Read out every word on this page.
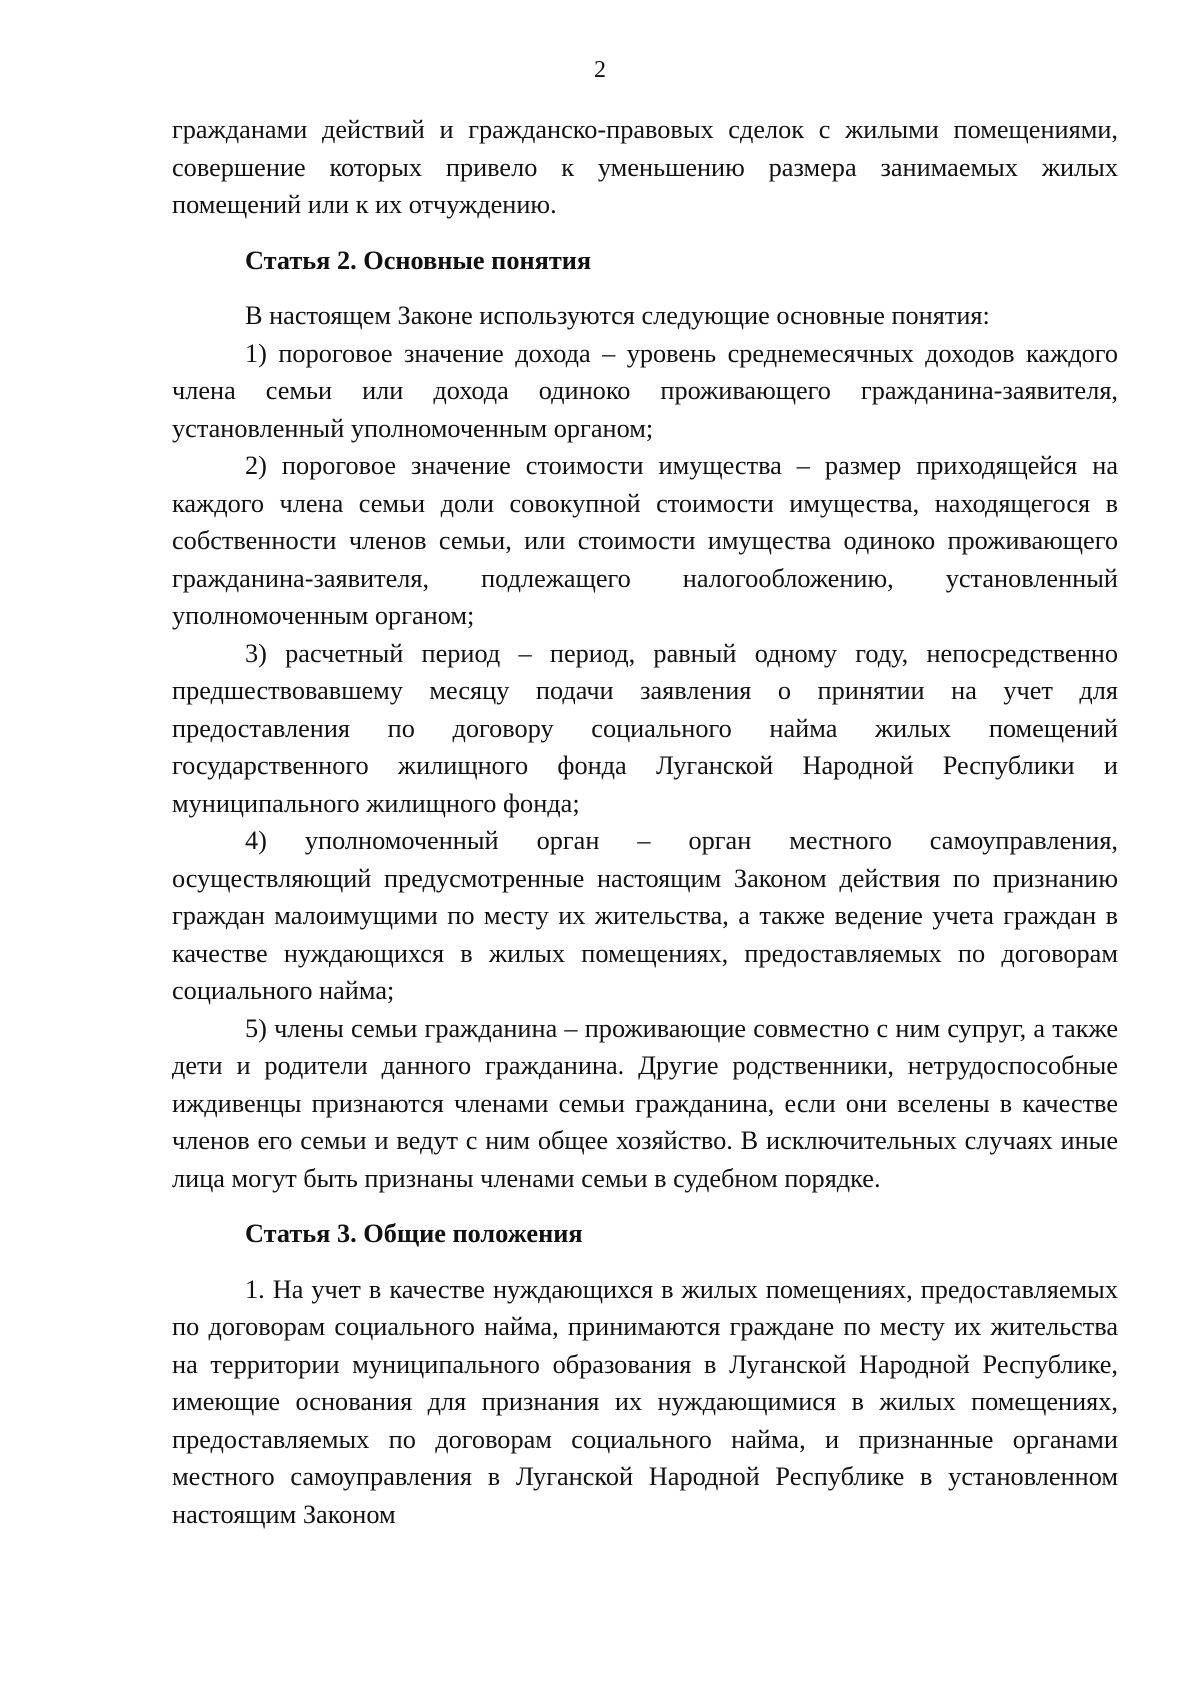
2

гражданами действий и гражданско-правовых сделок с жилыми помещениями, совершение которых привело к уменьшению размера занимаемых жилых помещений или к их отчуждению.

Статья 2. Основные понятия

В настоящем Законе используются следующие основные понятия:

1) пороговое значение дохода – уровень среднемесячных доходов каждого члена семьи или дохода одиноко проживающего гражданина-заявителя, установленный уполномоченным органом;

2) пороговое значение стоимости имущества – размер приходящейся на каждого члена семьи доли совокупной стоимости имущества, находящегося в собственности членов семьи, или стоимости имущества одиноко проживающего гражданина-заявителя, подлежащего налогообложению, установленный уполномоченным органом;

3) расчетный период – период, равный одному году, непосредственно предшествовавшему месяцу подачи заявления о принятии на учет для предоставления по договору социального найма жилых помещений государственного жилищного фонда Луганской Народной Республики и муниципального жилищного фонда;

4) уполномоченный орган – орган местного самоуправления, осуществляющий предусмотренные настоящим Законом действия по признанию граждан малоимущими по месту их жительства, а также ведение учета граждан в качестве нуждающихся в жилых помещениях, предоставляемых по договорам социального найма;

5) члены семьи гражданина – проживающие совместно с ним супруг, а также дети и родители данного гражданина. Другие родственники, нетрудоспособные иждивенцы признаются членами семьи гражданина, если они вселены в качестве членов его семьи и ведут с ним общее хозяйство. В исключительных случаях иные лица могут быть признаны членами семьи в судебном порядке.

Статья 3. Общие положения

1. На учет в качестве нуждающихся в жилых помещениях, предоставляемых по договорам социального найма, принимаются граждане по месту их жительства на территории муниципального образования в Луганской Народной Республике, имеющие основания для признания их нуждающимися в жилых помещениях, предоставляемых по договорам социального найма, и признанные органами местного самоуправления в Луганской Народной Республике в установленном настоящим Законом
